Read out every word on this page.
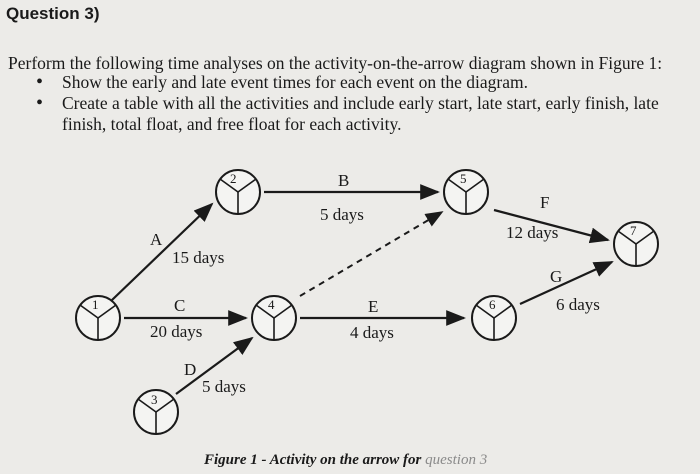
Question 3)
Perform the following time analyses on the activity-on-the-arrow diagram shown in Figure 1:
• Show the early and late event times for each event on the diagram.
• Create a table with all the activities and include early start, late start, early finish, late finish, total float, and free float for each activity.
1
2
3
4
5
6
7
A
15 days
B
5 days
C
20 days
D
5 days
E
4 days
F
12 days
G
6 days
Figure 1 - Activity on the arrow for question 3
